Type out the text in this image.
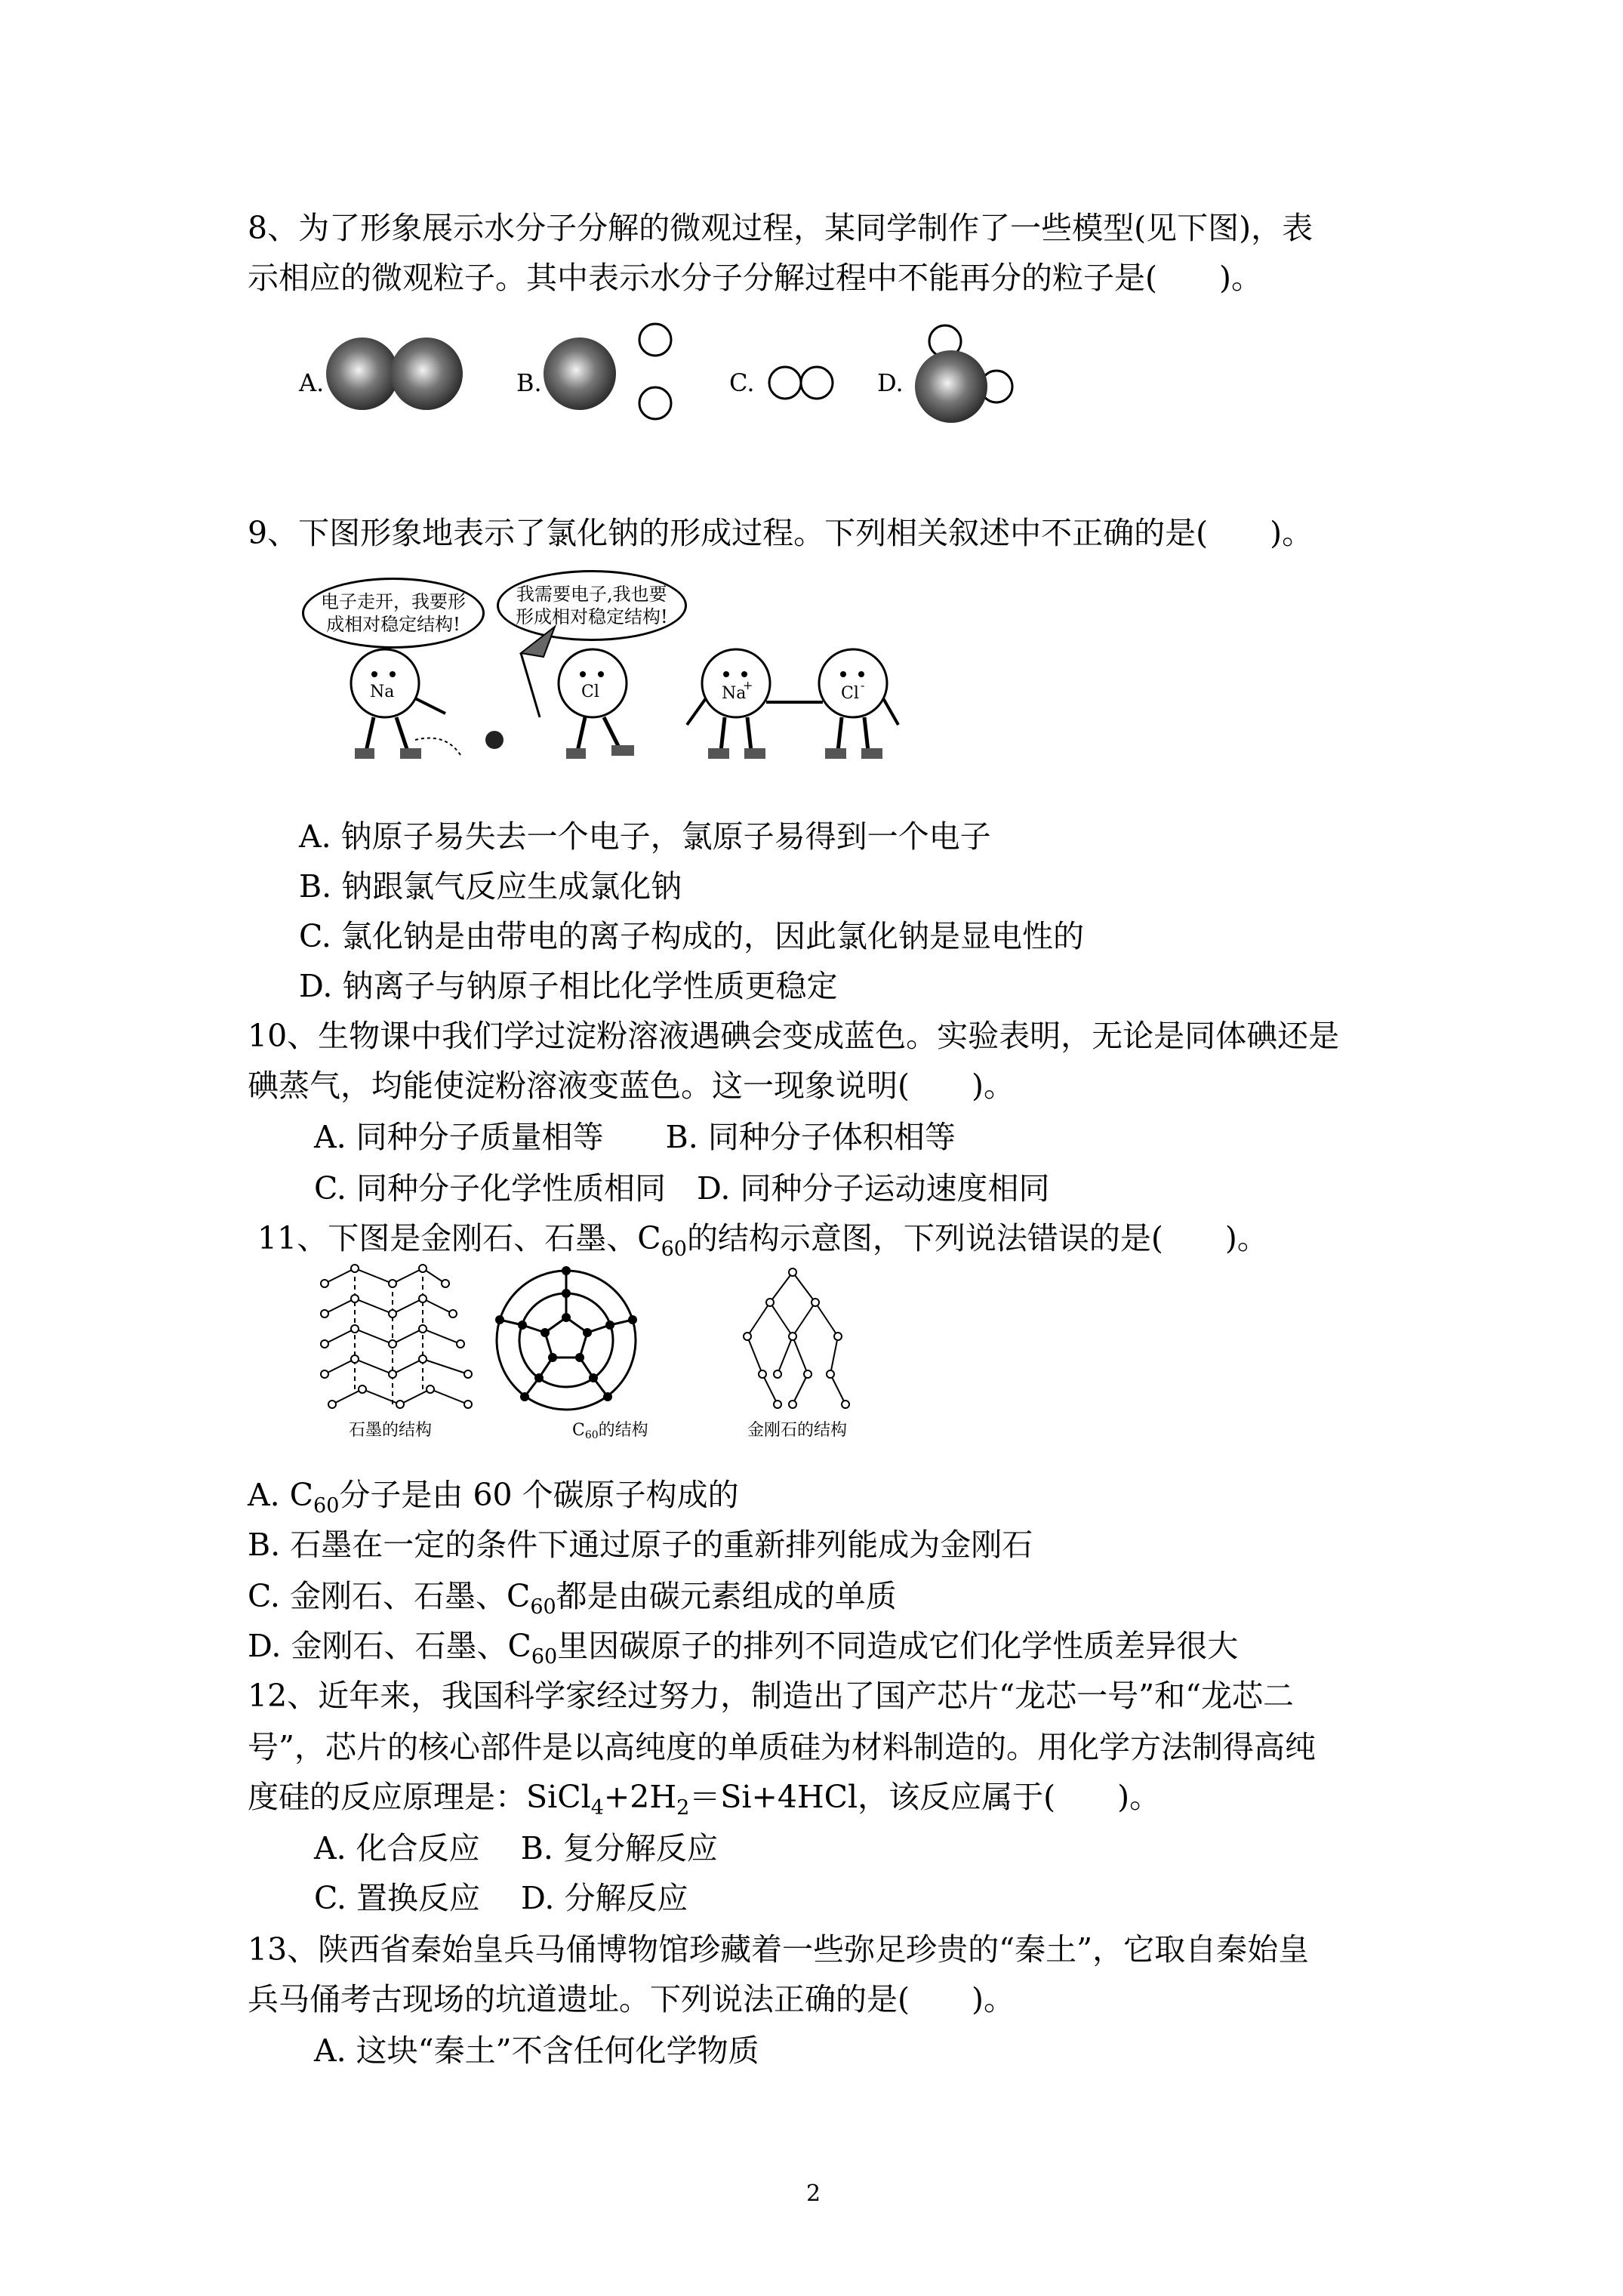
8、为了形象展示水分子分解的微观过程，某同学制作了一些模型(见下图)，表
示相应的微观粒子。其中表示水分子分解过程中不能再分的粒子是(　　)。
A.	B.	C.	D.
9、下图形象地表示了氯化钠的形成过程。下列相关叙述中不正确的是(　　)。
电子走开，我要形
成相对稳定结构!
我需要电子,我也要
形成相对稳定结构!
Na	Cl	Na
+	Cl -
A. 钠原子易失去一个电子，氯原子易得到一个电子
B. 钠跟氯气反应生成氯化钠
C. 氯化钠是由带电的离子构成的，因此氯化钠是显电性的
D. 钠离子与钠原子相比化学性质更稳定
10、生物课中我们学过淀粉溶液遇碘会变成蓝色。实验表明，无论是同体碘还是
碘蒸气，均能使淀粉溶液变蓝色。这一现象说明(　　)。
A. 同种分子质量相等　　B. 同种分子体积相等
C. 同种分子化学性质相同　D. 同种分子运动速度相同
11、下图是金刚石、石墨、$C_{60}$的结构示意图，下列说法错误的是(　　)。
石墨的结构	C60的结构	金刚石的结构
A. $C_{60}$分子是由 60 个碳原子构成的
B. 石墨在一定的条件下通过原子的重新排列能成为金刚石
C. 金刚石、石墨、$C_{60}$都是由碳元素组成的单质
D. 金刚石、石墨、$C_{60}$里因碳原子的排列不同造成它们化学性质差异很大
12、近年来，我国科学家经过努力，制造出了国产芯片“龙芯一号”和“龙芯二
号”，芯片的核心部件是以高纯度的单质硅为材料制造的。用化学方法制得高纯
度硅的反应原理是：$SiCl_4+2H_2=Si+4HCl$，该反应属于(　　)。
A. 化合反应　 B. 复分解反应
C. 置换反应　 D. 分解反应
13、陕西省秦始皇兵马俑博物馆珍藏着一些弥足珍贵的“秦土”，它取自秦始皇
兵马俑考古现场的坑道遗址。下列说法正确的是(　　)。
A. 这块“秦土”不含任何化学物质
2
